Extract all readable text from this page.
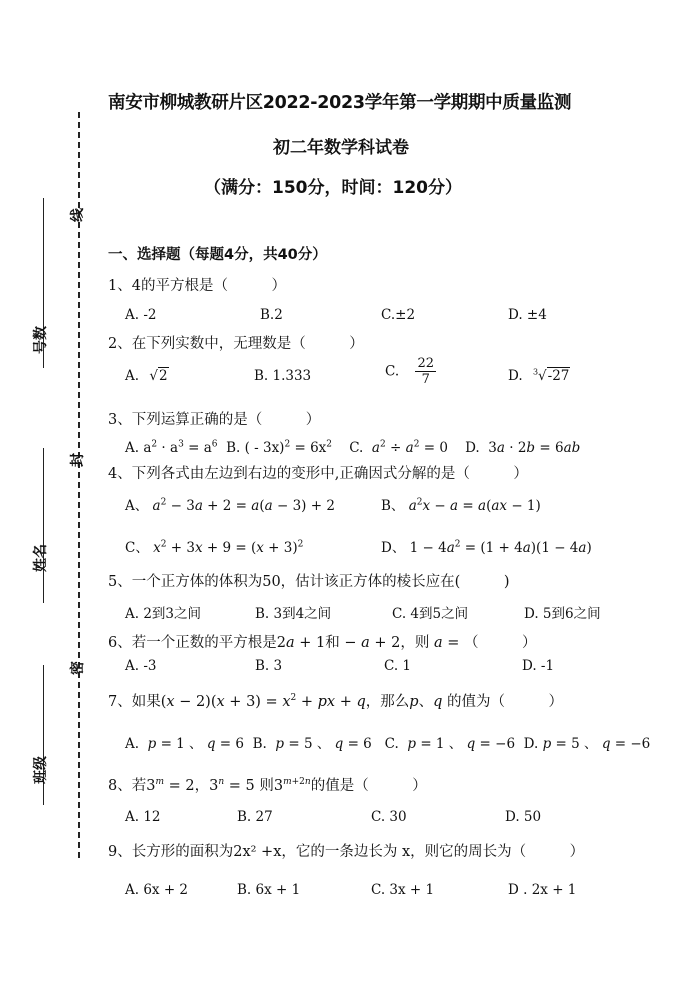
线
封
密
号数
姓名
班级
南安市柳城教研片区2022-2023学年第一学期期中质量监测
初二年数学科试卷
（满分：150分，时间：120分）
一、选择题（每题4分，共40分）
1、4的平方根是（　　　）
A. -2	B.2	C.±2	D. ±4
2、在下列实数中，无理数是（　　　）
A. √2	B. 1.333	C. $\frac{22}{7}$	D. $^3$√-27
3、下列运算正确的是（　　　）
A. $a^2 \cdot a^3 = a^6$  B. ( - $3x)^2 = 6x^2$    C.  $a^2 \div a^2 = 0$    D.  3a · 2b = 6ab
4、下列各式由左边到右边的变形中,正确因式分解的是（　　　）
A、 $a^2 - 3a + 2 = a(a - 3) + 2$	B、 $a^2x - a = a(ax - 1)$
C、 $x^2 + 3x + 9 = (x + 3)^2$	D、 $1 - 4a^2 = (1 + 4a)(1 - 4a)$
5、一个正方体的体积为50，估计该正方体的棱长应在(　　　)
A. 2到3之间	B. 3到4之间	C. 4到5之间	D. 5到6之间
6、若一个正数的平方根是2a + 1和 − a + 2，则 a = （　　　）
A. -3	B. 3	C. 1	D. -1
7、如果$(x - 2)(x + 3) = x^2$ + px + q，那么p、q 的值为（　　　）
A.  p = 1 、 q = 6  B.  p = 5 、 q = 6   C.  p = 1 、 q = −6  D. p = 5 、 q = −6
8、若$3^m = 2$，$3^n = 5$ 则$3^{m+2n}$的值是（　　　）
A. 12	B. 27	C. 30	D. 50
9、长方形的面积为2x² +x，它的一条边长为 x，则它的周长为（　　　）
A. 6x + 2	B. 6x + 1	C. 3x + 1	D . 2x + 1
